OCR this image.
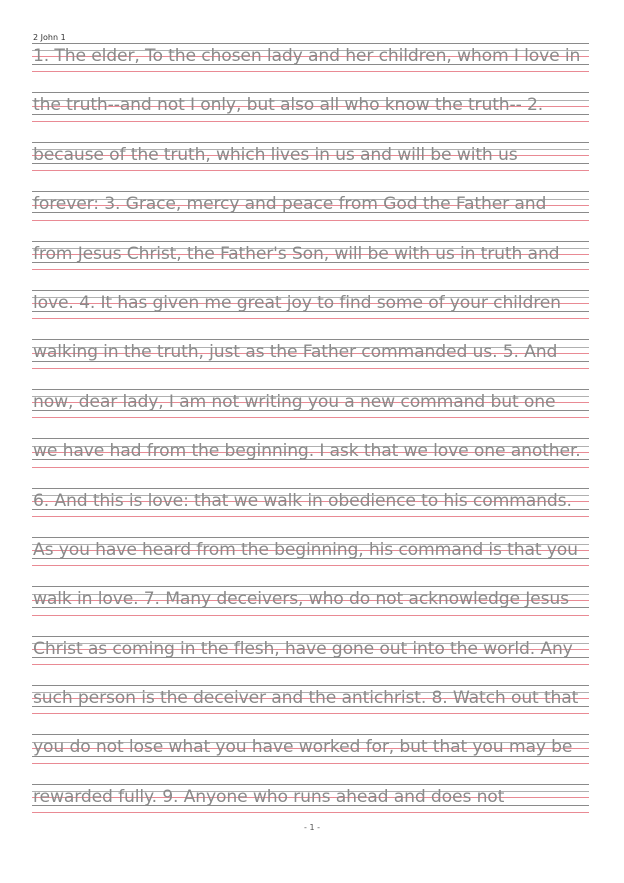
2 John 1
1. The elder, To the chosen lady and her children, whom I love in
the truth--and not I only, but also all who know the truth-- 2.
because of the truth, which lives in us and will be with us
forever: 3. Grace, mercy and peace from God the Father and
from Jesus Christ, the Father's Son, will be with us in truth and
love. 4. It has given me great joy to find some of your children
walking in the truth, just as the Father commanded us. 5. And
now, dear lady, I am not writing you a new command but one
we have had from the beginning. I ask that we love one another.
6. And this is love: that we walk in obedience to his commands.
As you have heard from the beginning, his command is that you
walk in love. 7. Many deceivers, who do not acknowledge Jesus
Christ as coming in the flesh, have gone out into the world. Any
such person is the deceiver and the antichrist. 8. Watch out that
you do not lose what you have worked for, but that you may be
rewarded fully. 9. Anyone who runs ahead and does not
- 1 -
